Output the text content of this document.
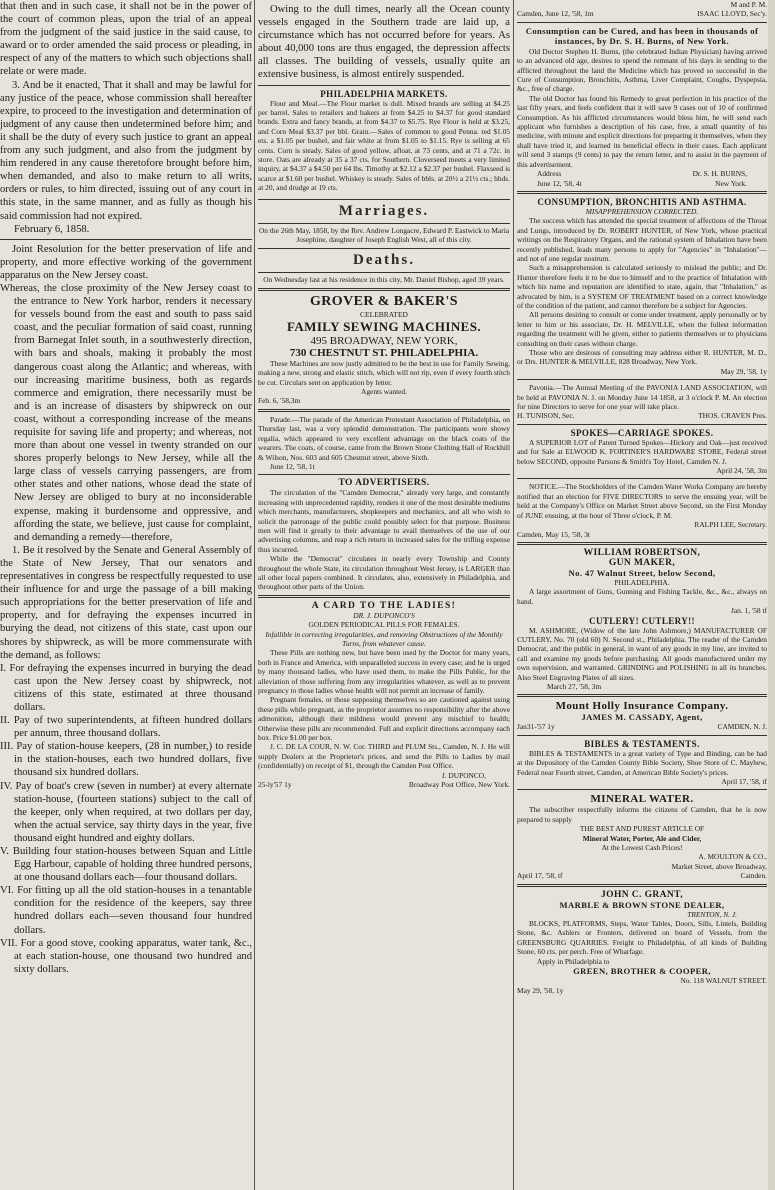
that then and in such case, it shall not be in the power of the court of common pleas, upon the trial of an appeal from the judgment of the said justice in the said cause, to award or to order amended the said process or pleading, in respect of any of the matters to which such objections shall relate or were made.

3. And be it enacted, That it shall and may be lawful for any justice of the peace, whose commission shall hereafter expire, to proceed to the investigation and determination of judgment of any cause then undetermined before him; and it shall be the duty of every such justice to grant an appeal from any such judgment, and also from the judgment by him rendered in any cause theretofore brought before him, when demanded, and also to make return to all writs, orders or rules, to him directed, issuing out of any court in this state, in the same manner, and as fully as though his said commission had not expired.

February 6, 1858.

Joint Resolution for the better preservation of life and property, and more effective working of the government apparatus on the New Jersey coast.

Whereas, the close proximity of the New Jersey coast to the entrance to New York harbor, renders it necessary for vessels bound from the east and south to pass said coast, and the peculiar formation of said coast, running from Barnegat Inlet south, in a southwesterly direction, with bars and shoals, making it probably the most dangerous coast along the Atlantic; and whereas, with our increasing maritime business, both as regards commerce and emigration, there necessarily must be and is an increase of disasters by shipwreck on our coast, without a corresponding increase of the means requisite for saving life and property; and whereas, not more than about one vessel in twenty stranded on our shores properly belongs to New Jersey, while all the large class of vessels carrying passengers, are from other states and other nations, whose dead the state of New Jersey are obliged to bury at no inconsiderable expense, making it burdensome and oppressive, and affording the state, we believe, just cause for complaint, and demanding a remedy—therefore,

1. Be it resolved by the Senate and General Assembly of the State of New Jersey, That our senators and representatives in congress be respectfully requested to use their influence for and urge the passage of a bill making such appropriations for the better preservation of life and property, and for defraying the expenses incurred in burying the dead, not citizens of this state, cast upon our shores by shipwreck, as will be more commensurate with the demand, as follows:

I. For defraying the expenses incurred in burying the dead cast upon the New Jersey coast by shipwreck, not citizens of this state, estimated at three thousand dollars.

II. Pay of two superintendents, at fifteen hundred dollars per annum, three thousand dollars.

III. Pay of station-house keepers, (28 in number,) to reside in the station-houses, each two hundred dollars, five thousand six hundred dollars.

IV. Pay of boat's crew (seven in number) at every alternate station-house, (fourteen stations) subject to the call of the keeper, only when required, at two dollars per day, when the actual service, say thirty days in the year, five thousand eight hundred and eighty dollars.

V. Building four station-houses between Squan and Little Egg Harbour, capable of holding three hundred persons, at one thousand dollars each—four thousand dollars.

VI. For fitting up all the old station-houses in a tenantable condition for the residence of the keepers, say three hundred dollars each—seven thousand four hundred dollars.

VII. For a good stove, cooking apparatus, water tank, &c., at each station-house, one thousand two hundred and sixty dollars.

Owing to the dull times, nearly all the Ocean county vessels engaged in the Southern trade are laid up, a circumstance which has not occurred before for years. As about 40,000 tons are thus engaged, the depression affects all classes. The building of vessels, usually quite an extensive business, is almost entirely suspended.

PHILADELPHIA MARKETS.

Flour and Meal.—The Flour market is dull. Mixed brands are selling at $4.25 per barrel. Sales to retailers and bakers at from $4.25 to $4.37 for good standard brands. Extra and fancy brands, at from $4.37 to $5.75. Rye Flour is held at $3.25, and Corn Meal $3.37 per bbl. Grain.—Sales of common to good Penna. red $1.05 ets. a $1.05 per bushel, and fair white at from $1.05 to $1.15. Rye is selling at 65 cents. Corn is steady. Sales of good yellow, afloat, at 73 cents, and at 71 a 72c. in store. Oats are already at 35 a 37 cts. for Southern. Cloverseed meets a very limited inquiry, at $4.37 a $4.50 per 64 lbs. Timothy at $2.12 a $2.37 per bushel. Flaxseed is scarce at $1.60 per bushel. Whiskey is steady. Sales of bbls. at 20½ a 21½ cts.; hhds. at 20, and drudge at 19 cts.

Marriages.

On the 26th May, 1858, by the Rev. Andrew Longacre, Edward P. Eastwick to Maria Josephine, daughter of Joseph English West, all of this city.

Deaths.

On Wednesday last at his residence in this city, Mr. Daniel Bishop, aged 39 years.

GROVER & BAKER'S
CELEBRATED
FAMILY SEWING MACHINES.
495 BROADWAY, NEW YORK,
730 CHESTNUT ST. PHILADELPHIA.

These Machines are now justly admitted to be the best in use for Family Sewing, making a new, strong and elastic stitch, which will not rip, even if every fourth stitch be cut. Circulars sent on application by letter.

Agents wanted.
Feb. 6, '58,3m

Parade.—The parade of the American Protestant Association of Philadelphia, on Thursday last, was a very splendid demonstration. The participants wore showy regalia, which appeared to very excellent advantage on the black coats of the wearers. The coats, of course, came from the Brown Stone Clothing Hall of Rockhill & Wilson, Nos. 603 and 605 Chestnut street, above Sixth.

June 12, '58, 1t
TO ADVERTISERS.

The circulation of the "Camden Democrat," already very large, and constantly increasing with unprecedented rapidity, renders it one of the most desirable mediums which merchants, manufacturers, shopkeepers and mechanics, and all who wish to solicit the patronage of the public could possibly select for that purpose. Business men will find it greatly to their advantage to avail themselves of the use of our advertising columns, and reap a rich return in increased sales for the trifling expense thus incurred.

While the "Democrat" circulates in nearly every Township and County throughout the whole State, its circulation throughout West Jersey, is LARGER than all other local papers combined. It circulates, also, extensively in Philadelphia, and throughout other parts of the Union.

A CARD TO THE LADIES!
DR. J. DUPONCO'S
GOLDEN PERIODICAL PILLS FOR FEMALES.

Infallible in correcting irregularities, and removing Obstructions of the Monthly Turns, from whatever cause.

These Pills are nothing new, but have been used by the Doctor for many years, both in France and America, with unparalleled success in every case; and he is urged by many thousand ladies, who have used them, to make the Pills Public, for the alleviation of those suffering from any irregularities whatever, as well as to prevent pregnancy to those ladies whose health will not permit an increase of family.

Pregnant females, or those supposing themselves so are cautioned against using these pills while pregnant, as the proprietor assumes no responsibility after the above admonition, although their mildness would prevent any mischief to health; Otherwise these pills are recommended. Full and explicit directions accompany each box. Price $1.00 per box.

J. C. DE LA COUR, N. W. Cor. THIRD and PLUM Sts., Camden, N. J. He will supply Dealers at the Proprietor's prices, and send the Pills to Ladies by mail (confidentially) on receipt of $1, through the Camden Post Office.

J. DUPONCO,
25-ly'57 1y	Broadway Post Office, New York.
M and P. M.
Camden, June 12, '58, 1m	ISAAC LLOYD, Sec'y.
Consumption can be Cured, and has been in thousands of instances, by Dr. S. H. Burns, of New York.

Old Doctor Stephen H. Burns, (the celebrated Indian Physician) having arrived to an advanced old age, desires to spend the remnant of his days in sending to the afflicted throughout the land the Medicine which has proved so successful in the Cure of Consumption, Bronchitis, Asthma, Liver Complaint, Coughs, Dyspepsia, &c., free of charge.

The old Doctor has found his Remedy to great perfection in his practice of the last fifty years, and feels confident that it will save 9 cases out of 10 of confirmed Consumption. As his afflicted circumstances would bless him, he will send each applicant who furnishes a description of his case, free, a small quantity of his medicine, with minute and explicit directions for preparing it themselves, when they shall have tried it, and learned its beneficial effects in their cases. Each applicant will send 3 stamps (9 cents) to pay the return letter, and to assist in the payment of this advertisement.

Address	Dr. S. H. BURNS,
June 12, '58, 4t	New York.
CONSUMPTION, BRONCHITIS AND ASTHMA.
MISAPPREHENSION CORRECTED.

The success which has attended the special treatment of affections of the Throat and Lungs, introduced by Dr. ROBERT HUNTER, of New York, whose practical writings on the Respiratory Organs, and the rational system of Inhalation have been recently published, leads many persons to apply for "Agencies" in "Inhalation"—and not of one regular nostrum.

Such a misapprehension is calculated seriously to mislead the public; and Dr. Hunter therefore feels it to be due to himself and to the practice of Inhalation with which his name and reputation are identified to state, again, that "Inhalation," as advocated by him, is a SYSTEM OF TREATMENT based on a correct knowledge of the condition of the patient, and cannot therefore be a subject for Agencies.

All persons desiring to consult or come under treatment, apply personally or by letter to him or his associate, Dr. H. MELVILLE, when the fullest information regarding the treatment will be given, either to patients themselves or to physicians consulting on their cases without charge.

Those who are desirous of consulting may address either R. HUNTER, M. D., or Drs. HUNTER & MELVILLE, 828 Broadway, New York.

May 29, '58, 1y

Pavonia.—The Annual Meeting of the PAVONIA LAND ASSOCIATION, will be held at PAVONIA N. J. on Monday June 14 1858, at 3 o'clock P. M. An election for nine Directors to serve for one year will take place.

H. TUNISON, Sec.	THOS. CRAVEN Pres.
SPOKES—CARRIAGE SPOKES.

A SUPERIOR LOT of Patent Turned Spokes—Hickory and Oak—just received and for Sale at ELWOOD K. FORTINER'S HARDWARE STORE, Federal street below SECOND, opposite Parsons & Smith's Toy Hotel, Camden N. J.

April 24, '58, 3m

NOTICE.—The Stockholders of the Camden Water Works Company are hereby notified that an election for FIVE DIRECTORS to serve the ensuing year, will be held at the Company's Office on Market Street above Second, on the First Monday of JUNE ensuing, at the hour of Three o'clock, P. M.

RALPH LEE, Secretary.
Camden, May 15, '58, 3t
WILLIAM ROBERTSON,
GUN MAKER,
No. 47 Walnut Street, below Second,
PHILADELPHIA.

A large assortment of Guns, Gunning and Fishing Tackle, &c., &c., always on hand.

Jan. 1, '58 tf
CUTLERY! CUTLERY!!

M. ASHMORE, (Widow of the late John Ashmore,) MANUFACTURER OF CUTLERY, No. 70 (old 60) N. Second st., Philadelphia. The reader of the Camden Democrat, and the public in general, in want of any goods in my line, are invited to call and examine my goods before purchasing. All goods manufactured under my own supervision, and warranted. GRINDING and POLISHING in all its branches. Also Steel Engraving Plates of all sizes.

March 27, '58, 3m
Mount Holly Insurance Company.
JAMES M. CASSADY, Agent,
Jan31-'57 1y	CAMDEN, N. J.
BIBLES & TESTAMENTS.

BIBLES & TESTAMENTS in a great variety of Type and Binding, can be had at the Depository of the Camden County Bible Society, Shoe Store of C. Mayhew, Federal near Fourth street, Camden, at American Bible Society's prices.

April 17, '58, tf
MINERAL WATER.

The subscriber respectfully informs the citizens of Camden, that he is now prepared to supply

THE BEST AND PUREST ARTICLE OF
Mineral Water, Porter, Ale and Cider,
At the Lowest Cash Prices!
A. MOULTON & CO.,
Market Street, above Broadway,
April 17, '58, tf	Camden.
JOHN C. GRANT,
MARBLE & BROWN STONE DEALER,
TRENTON, N. J.

BLOCKS, PLATFORMS, Steps, Water Tables, Doors, Sills, Lintels, Building Stone, &c. Ashlers or Fronters, delivered on board of Vessels, from the GREENSBURG QUARRIES. Freight to Philadelphia, of all kinds of Building Stone, 60 cts. per perch. Free of Wharfage.

Apply in Philadelphia to
GREEN, BROTHER & COOPER,
No. 118 WALNUT STREET.
May 29, '58, 1y
